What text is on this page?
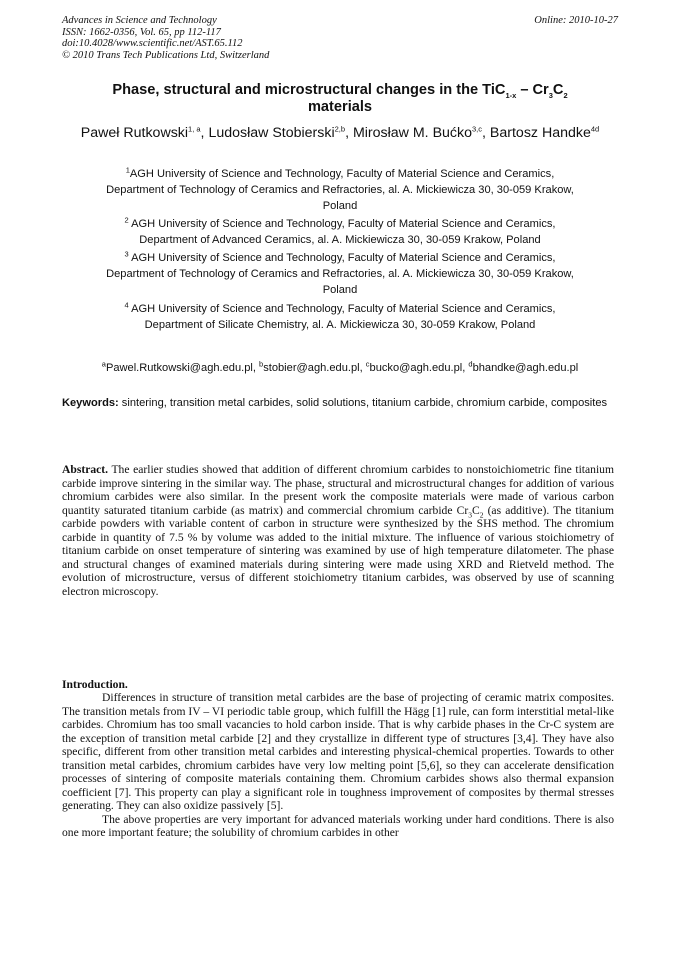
Advances in Science and Technology
ISSN: 1662-0356, Vol. 65, pp 112-117
doi:10.4028/www.scientific.net/AST.65.112
© 2010 Trans Tech Publications Ltd, Switzerland
Online: 2010-10-27
Phase, structural and microstructural changes in the $TiC_{1-x} - Cr_3C_2$
materials
Paweł Rutkowski$^{1, a}$, Ludosław Stobierski$^{2,b}$, Mirosław M. Bućko$^{3,c}$, Bartosz Handke$^{4d}$
$^1$AGH University of Science and Technology, Faculty of Material Science and Ceramics,
Department of Technology of Ceramics and Refractories, al. A. Mickiewicza 30, 30-059 Krakow,
Poland
$^2$ AGH University of Science and Technology, Faculty of Material Science and Ceramics,
Department of Advanced Ceramics, al. A. Mickiewicza 30, 30-059 Krakow, Poland
$^3$ AGH University of Science and Technology, Faculty of Material Science and Ceramics,
Department of Technology of Ceramics and Refractories, al. A. Mickiewicza 30, 30-059 Krakow,
Poland
$^4$ AGH University of Science and Technology, Faculty of Material Science and Ceramics,
Department of Silicate Chemistry, al. A. Mickiewicza 30, 30-059 Krakow, Poland
$^a$Pawel.Rutkowski@agh.edu.pl, $^b$stobier@agh.edu.pl, $^c$bucko@agh.edu.pl, $^d$bhandke@agh.edu.pl
Keywords: sintering, transition metal carbides, solid solutions, titanium carbide, chromium carbide, composites
Abstract. The earlier studies showed that addition of different chromium carbides to nonstoichiometric fine titanium carbide improve sintering in the similar way. The phase, structural and microstructural changes for addition of various chromium carbides were also similar. In the present work the composite materials were made of various carbon quantity saturated titanium carbide (as matrix) and commercial chromium carbide $Cr_3C_2$ (as additive). The titanium carbide powders with variable content of carbon in structure were synthesized by the SHS method. The chromium carbide in quantity of 7.5 % by volume was added to the initial mixture. The influence of various stoichiometry of titanium carbide on onset temperature of sintering was examined by use of high temperature dilatometer. The phase and structural changes of examined materials during sintering were made using XRD and Rietveld method. The evolution of microstructure, versus of different stoichiometry titanium carbides, was observed by use of scanning electron microscopy.
Introduction.

Differences in structure of transition metal carbides are the base of projecting of ceramic matrix composites. The transition metals from IV – VI periodic table group, which fulfill the Hägg [1] rule, can form interstitial metal-like carbides. Chromium has too small vacancies to hold carbon inside. That is why carbide phases in the Cr-C system are the exception of transition metal carbide [2] and they crystallize in different type of structures [3,4]. They have also specific, different from other transition metal carbides and interesting physical-chemical properties. Towards to other transition metal carbides, chromium carbides have very low melting point [5,6], so they can accelerate densification processes of sintering of composite materials containing them. Chromium carbides shows also thermal expansion coefficient [7]. This property can play a significant role in toughness improvement of composites by thermal stresses generating. They can also oxidize passively [5].

The above properties are very important for advanced materials working under hard conditions. There is also one more important feature; the solubility of chromium carbides in other
